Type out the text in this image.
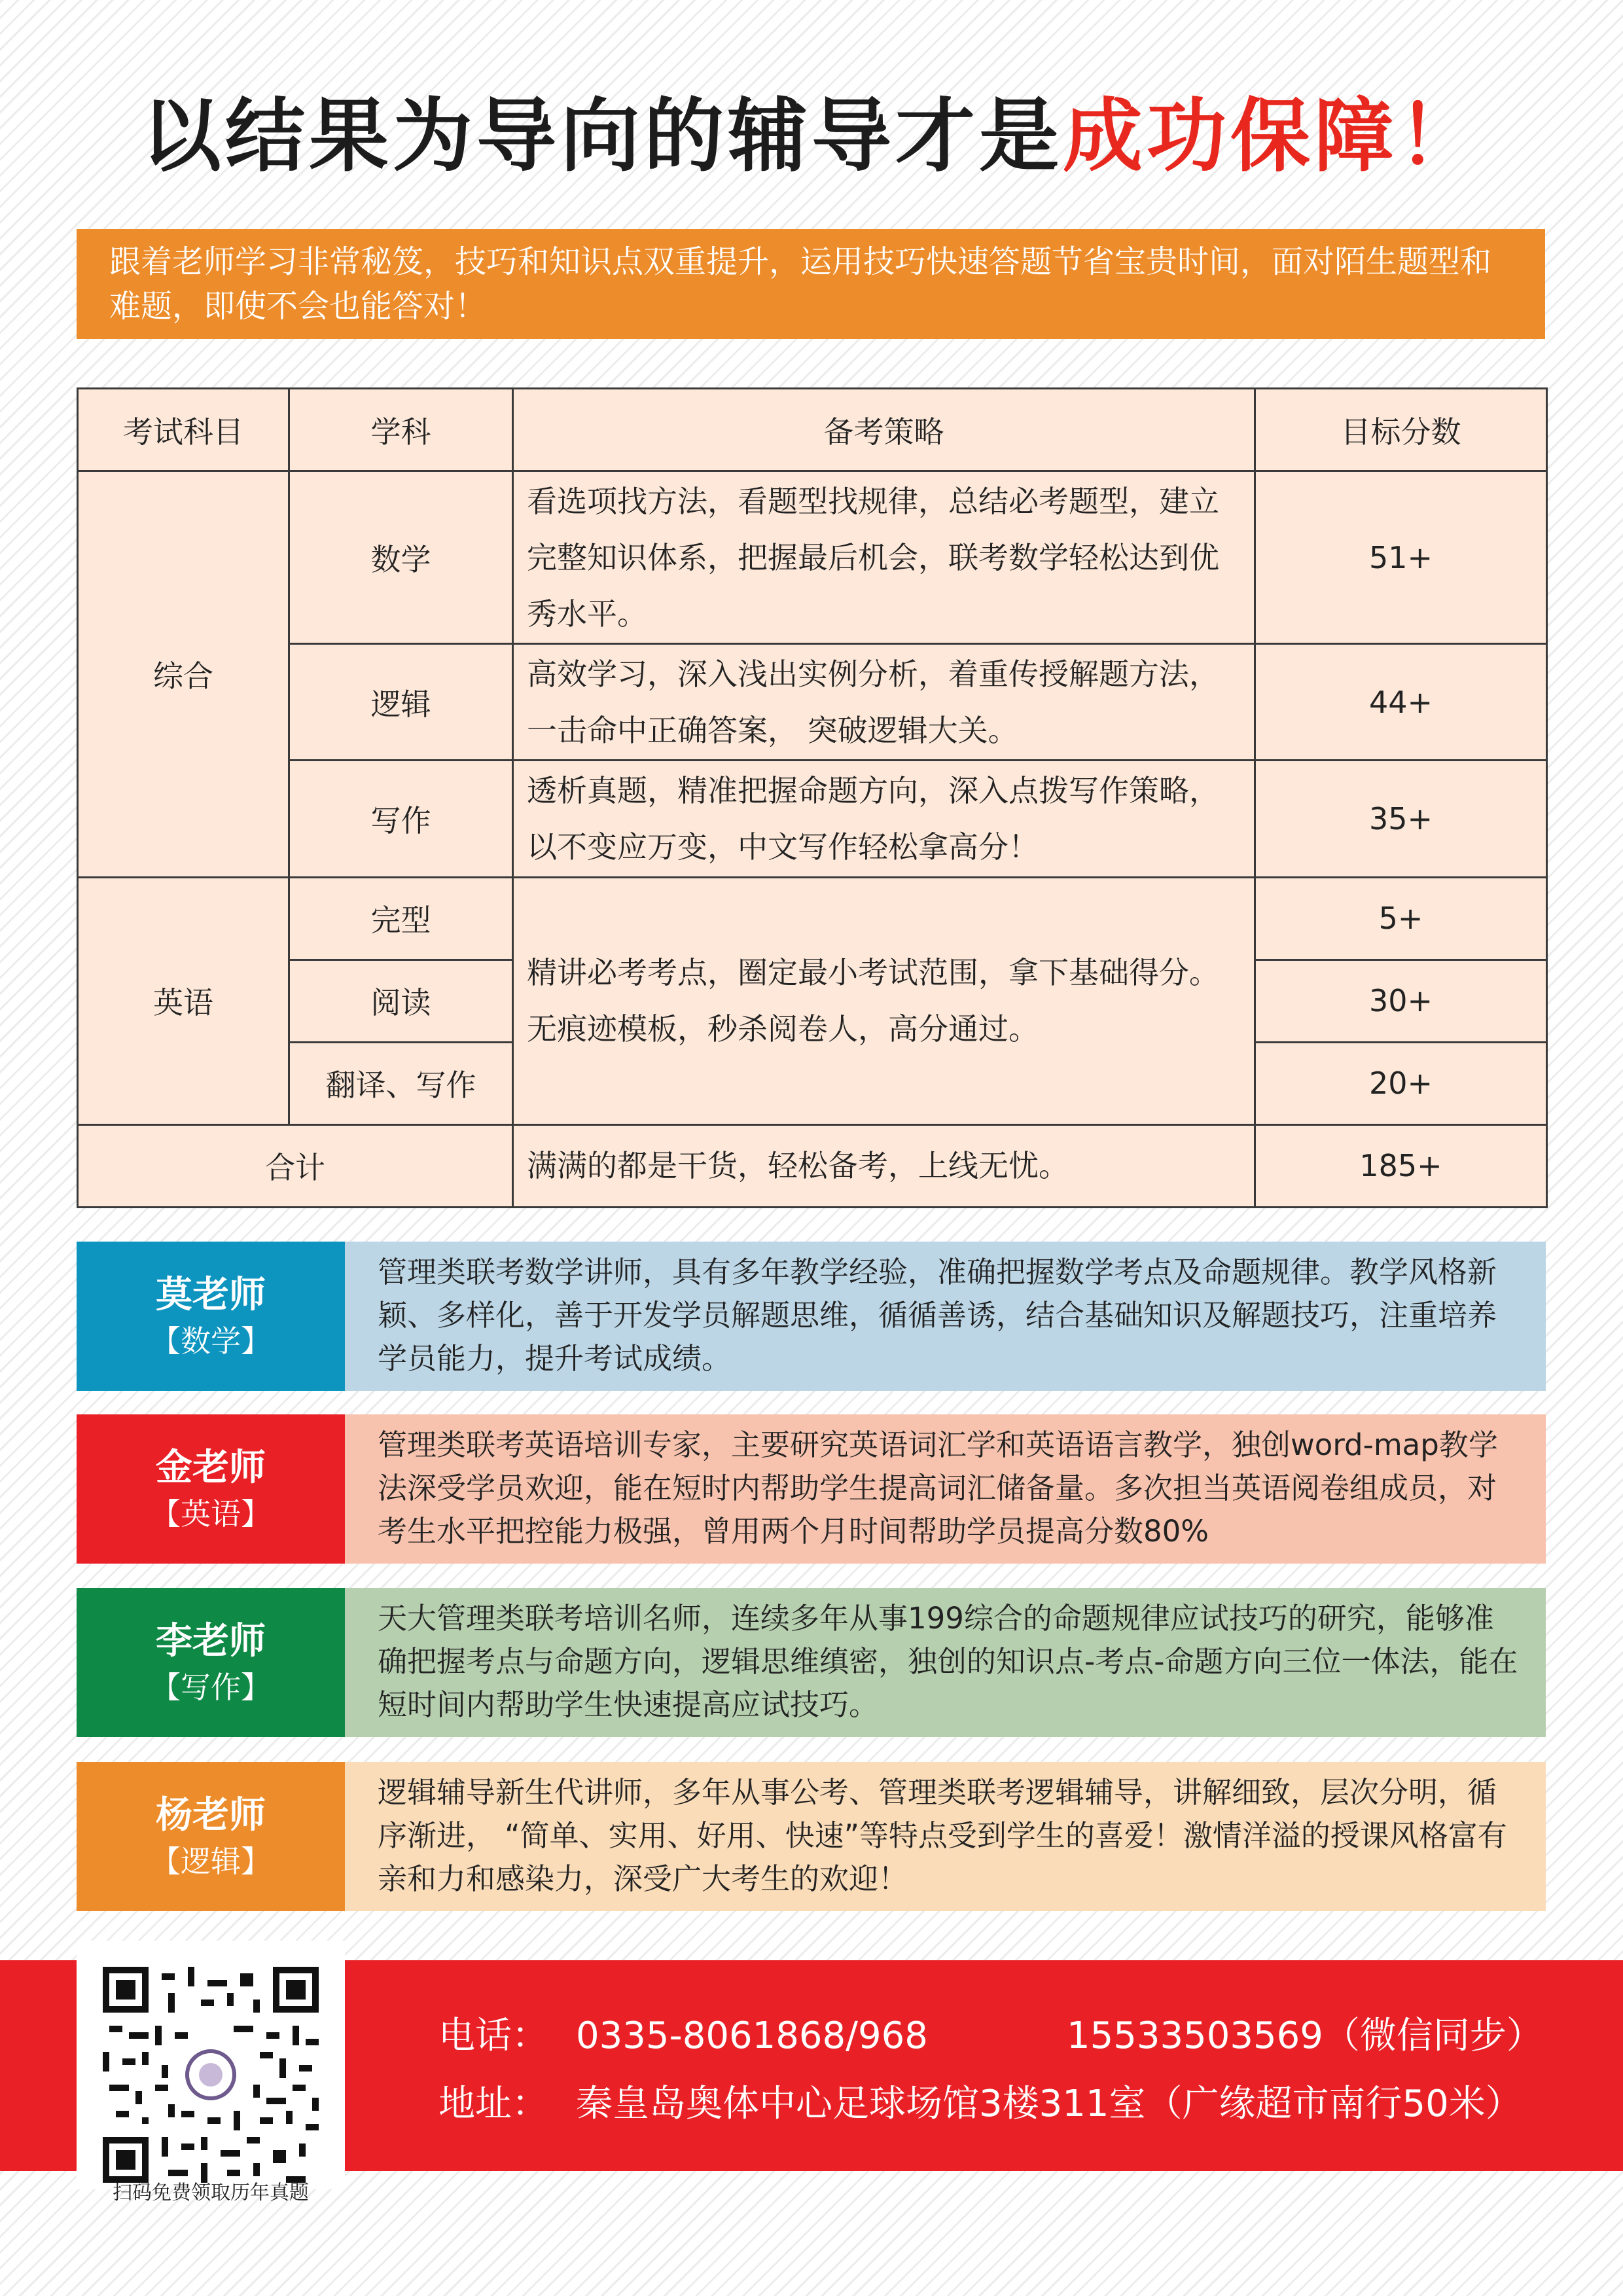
以结果为导向的辅导才是成功保障！
跟着老师学习非常秘笈，技巧和知识点双重提升，运用技巧快速答题节省宝贵时间，面对陌生题型和难题，即使不会也能答对！
考试科目	学科	备考策略	目标分数
综合	数学	看选项找方法，看题型找规律，总结必考题型，建立完整知识体系，把握最后机会，联考数学轻松达到优秀水平。	51+
	逻辑	高效学习，深入浅出实例分析，着重传授解题方法，一击命中正确答案， 突破逻辑大关。	44+
	写作	透析真题，精准把握命题方向，深入点拨写作策略，以不变应万变，中文写作轻松拿高分！	35+
英语	完型	精讲必考考点，圈定最小考试范围，拿下基础得分。无痕迹模板，秒杀阅卷人，高分通过。	5+
	阅读		30+
	翻译、写作		20+
合计		满满的都是干货，轻松备考，上线无忧。	185+
莫老师
【数学】
管理类联考数学讲师，具有多年教学经验，准确把握数学考点及命题规律。教学风格新颖、多样化，善于开发学员解题思维，循循善诱，结合基础知识及解题技巧，注重培养学员能力，提升考试成绩。
金老师
【英语】
管理类联考英语培训专家，主要研究英语词汇学和英语语言教学，独创word-map教学法深受学员欢迎，能在短时内帮助学生提高词汇储备量。多次担当英语阅卷组成员，对考生水平把控能力极强，曾用两个月时间帮助学员提高分数80%
李老师
【写作】
天大管理类联考培训名师，连续多年从事199综合的命题规律应试技巧的研究，能够准确把握考点与命题方向，逻辑思维缜密，独创的知识点-考点-命题方向三位一体法，能在短时间内帮助学生快速提高应试技巧。
杨老师
【逻辑】
逻辑辅导新生代讲师，多年从事公考、管理类联考逻辑辅导，讲解细致，层次分明，循序渐进， “简单、实用、好用、快速”等特点受到学生的喜爱！激情洋溢的授课风格富有亲和力和感染力，深受广大考生的欢迎！
扫码免费领取历年真题
电话： 0335-8061868/968	15533503569（微信同步）
地址： 秦皇岛奥体中心足球场馆3楼311室（广缘超市南行50米）
